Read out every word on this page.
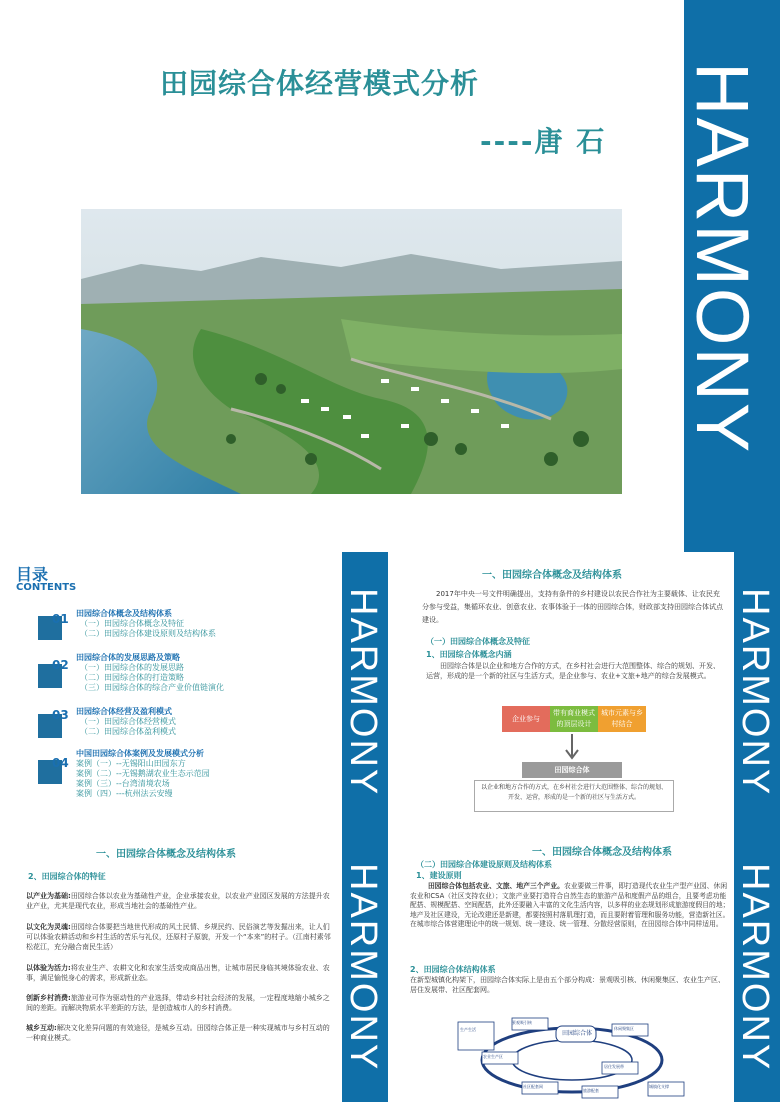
田园综合体经营模式分析
----唐 石 HARMONY
目录
CONTENTS
01 田园综合体概念及结构体系
（一）田园综合体概念及特征
（二）田园综合体建设原则及结构体系
02
田园综合体的发展思路及策略
（一）田园综合体的发展思路
（二）田园综合体的打造策略
（三）田园综合体的综合产业价值链演化
03 田园综合体经营及盈利模式
（一）田园综合体经营模式
（二）田园综合体盈利模式
04
中国田园综合体案例及发展模式分析
案例（一）--无锡阳山田园东方
案例（二）--无锡鹅湖农业生态示范园
案例（三）--台湾清境农场
案例（四）---杭州法云安缦	HARMONY
一、田园综合体概念及结构体系
2017年中央一号文件明确提出，支持有条件的乡村建设以农民合作社为主要载体、让农民充分参与受益，集循环农业、创意农业、农事体验于一体的田园综合体，财政部支持田园综合体试点建设。
（一）田园综合体概念及特征
1、田园综合体概念内涵
田园综合体是以企业和地方合作的方式，在乡村社会进行大范围整体、综合的规划、开发、运营，形成的是一个新的社区与生活方式，是企业参与、农业+文旅+地产的综合发展模式。
企业参与
带有商业模式的顶层设计
城市元素与乡村结合
田园综合体
以企业和地方合作的方式，在乡村社会进行大范围整体、综合的规划、开发、运营，形成的是一个新的社区与生活方式。
HARMONY
一、田园综合体概念及结构体系
2、田园综合体的特征
以产业为基础:田园综合体以农业为基础性产业，企业承接农业，以农业产业园区发展的方法提升农业产业，尤其是现代农业，形成当地社会的基础性产业。
以文化为灵魂:田园综合体要把当地世代形成的风土民情、乡规民约、民俗演艺等发掘出来，让人们可以体验农耕活动和乡村生活的苦乐与礼仪，还原村子原貌，开发一个“本来”的村子。（江南村素邻松花江，充分融合南民生活）
以体验为活力:将农业生产、农耕文化和农家生活变成商品出售，让城市居民身临其境体验农业、农事，满足愉悦身心的需求，形成新业态。
创新乡村消费:旅游业可作为驱动性的产业选择，带动乡村社会经济的发展，一定程度地缩小城乡之间的差距。而解决物质水平差距的方法，是创造城市人的乡村消费。
城乡互动:解决文化差异问题的有效途径，是城乡互动。田园综合体正是一种实现城市与乡村互动的一种商业模式。	HARMONY
一、田园综合体概念及结构体系
（二）田园综合体建设原则及结构体系
1、建设原则
田园综合体包括农业、文旅、地产三个产业。农业要做三件事，即打造现代农业生产型产业园、休闲农业和CSA（社区支持农业）；文旅产业要打造符合自然生态的旅游产品和度假产品的组合，且要考虑功能配搭、规模配搭、空间配搭，此外还要融入丰富的文化生活内容，以多样的业态规划形成旅游度假目的地；地产及社区建设，无论改建还是新建，都要按照村落肌理打造，而且要附着管理和服务功能，营造新社区。在城市综合体营建理论中的统一规划、统一建设、统一管理、分散经营原则，在田园综合体中同样适用。
2、田园综合体结构体系
在新型城镇化构架下，田园综合体实际上是由五个部分构成：景观吸引核、休闲聚集区、农业生产区、居住发展带、社区配套网。
田园综合体
景观吸引核
休闲聚集区
农业生产区
居住发展带
社区配套网
生产生活
旅游配套
城镇化支撑
HARMONY
